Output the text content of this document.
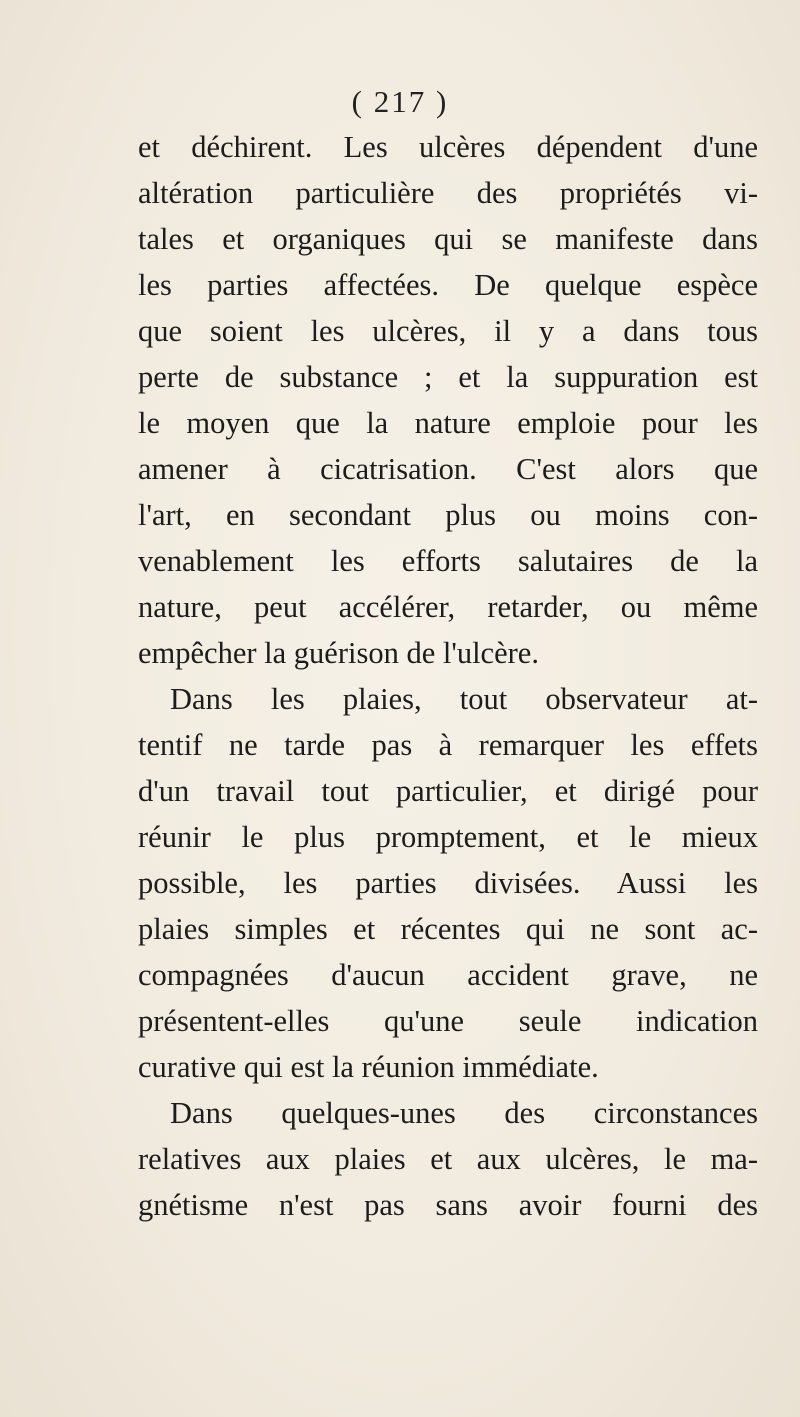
( 217 )
et déchirent. Les ulcères dépendent d'une
altération particulière des propriétés vi-
tales et organiques qui se manifeste dans
les parties affectées. De quelque espèce
que soient les ulcères, il y a dans tous
perte de substance ; et la suppuration est
le moyen que la nature emploie pour les
amener à cicatrisation. C'est alors que
l'art, en secondant plus ou moins con-
venablement les efforts salutaires de la
nature, peut accélérer, retarder, ou même
empêcher la guérison de l'ulcère.
Dans les plaies, tout observateur at-
tentif ne tarde pas à remarquer les effets
d'un travail tout particulier, et dirigé pour
réunir le plus promptement, et le mieux
possible, les parties divisées. Aussi les
plaies simples et récentes qui ne sont ac-
compagnées d'aucun accident grave, ne
présentent-elles qu'une seule indication
curative qui est la réunion immédiate.
Dans quelques-unes des circonstances
relatives aux plaies et aux ulcères, le ma-
gnétisme n'est pas sans avoir fourni des
